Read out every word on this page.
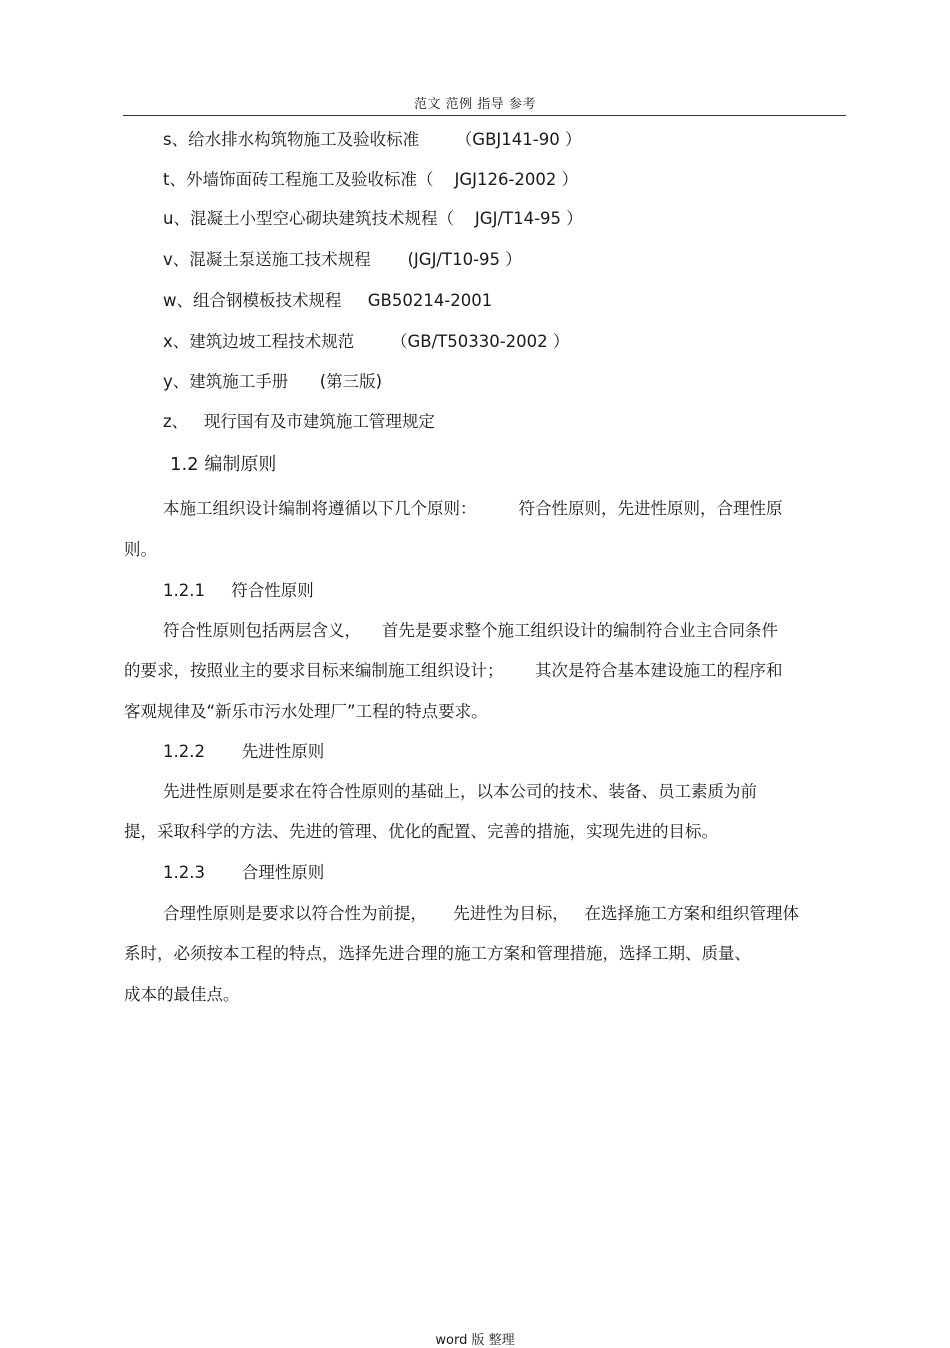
范文 范例 指导 参考
s、给水排水构筑物施工及验收标准       （GBJ141-90 ）
t、外墙饰面砖工程施工及验收标准（    JGJ126-2002 ）
u、混凝土小型空心砌块建筑技术规程（    JGJ/T14-95 ）
v、混凝土泵送施工技术规程       (JGJ/T10-95 ）
w、组合钢模板技术规程     GB50214-2001
x、建筑边坡工程技术规范       （GB/T50330-2002 ）
y、建筑施工手册      (第三版)
z、   现行国有及市建筑施工管理规定
1.2 编制原则
本施工组织设计编制将遵循以下几个原则：        符合性原则，先进性原则，合理性原
则。
1.2.1     符合性原则
符合性原则包括两层含义，    首先是要求整个施工组织设计的编制符合业主合同条件
的要求，按照业主的要求目标来编制施工组织设计；      其次是符合基本建设施工的程序和
客观规律及“新乐市污水处理厂”工程的特点要求。
1.2.2       先进性原则
先进性原则是要求在符合性原则的基础上，以本公司的技术、装备、员工素质为前
提，采取科学的方法、先进的管理、优化的配置、完善的措施，实现先进的目标。
1.2.3       合理性原则
合理性原则是要求以符合性为前提，     先进性为目标，   在选择施工方案和组织管理体
系时，必须按本工程的特点，选择先进合理的施工方案和管理措施，选择工期、质量、
成本的最佳点。
word 版 整理
